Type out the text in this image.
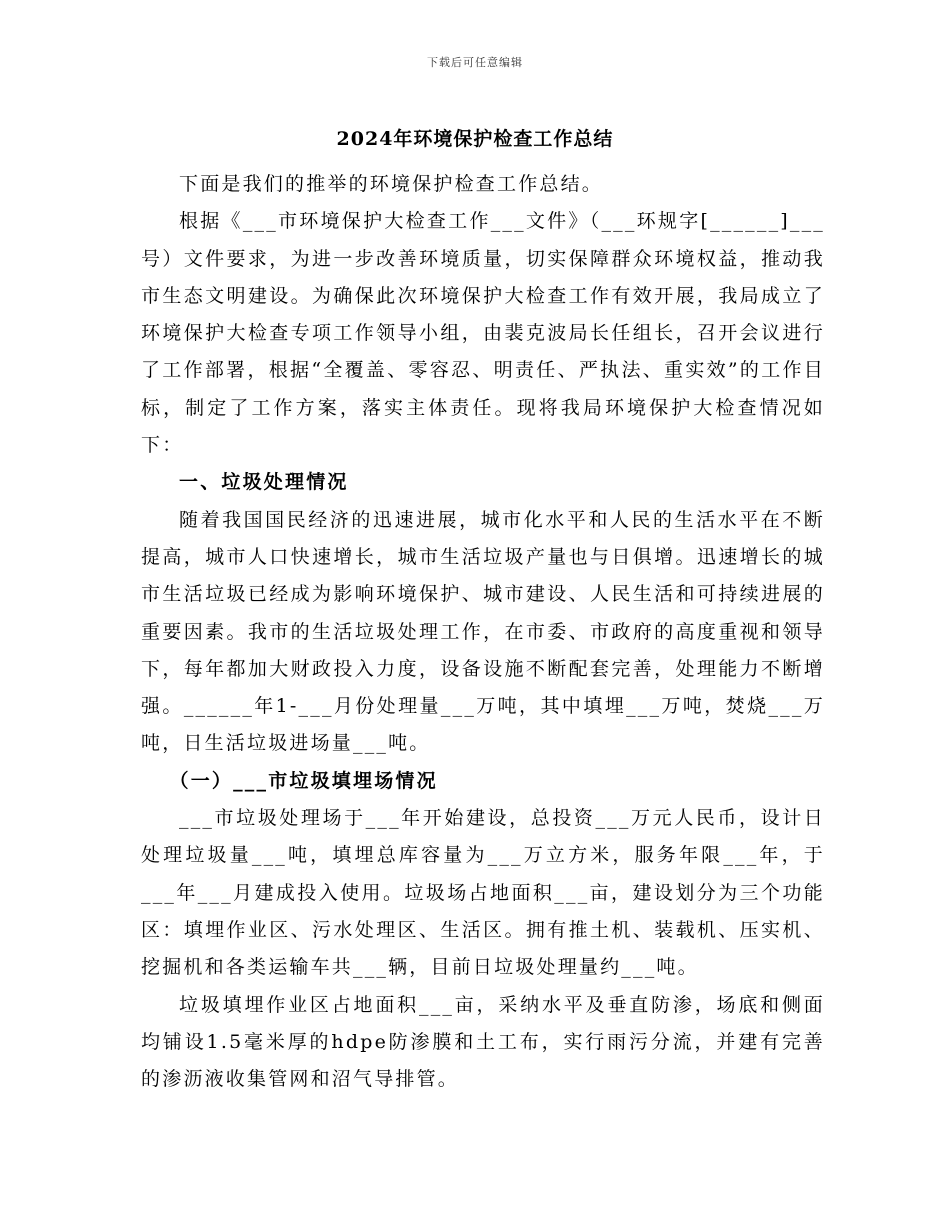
下载后可任意编辑
2024年环境保护检查工作总结

下面是我们的推举的环境保护检查工作总结。

根据《___市环境保护大检查工作___文件》（___环规字[______]___号）文件要求，为进一步改善环境质量，切实保障群众环境权益，推动我市生态文明建设。为确保此次环境保护大检查工作有效开展，我局成立了环境保护大检查专项工作领导小组，由裴克波局长任组长，召开会议进行了工作部署，根据“全覆盖、零容忍、明责任、严执法、重实效”的工作目标，制定了工作方案，落实主体责任。现将我局环境保护大检查情况如下：

一、垃圾处理情况

随着我国国民经济的迅速进展，城市化水平和人民的生活水平在不断提高，城市人口快速增长，城市生活垃圾产量也与日俱增。迅速增长的城市生活垃圾已经成为影响环境保护、城市建设、人民生活和可持续进展的重要因素。我市的生活垃圾处理工作，在市委、市政府的高度重视和领导下，每年都加大财政投入力度，设备设施不断配套完善，处理能力不断增强。______年1-___月份处理量___万吨，其中填埋___万吨，焚烧___万吨，日生活垃圾进场量___吨。

（一）___市垃圾填埋场情况

___市垃圾处理场于___年开始建设，总投资___万元人民币，设计日处理垃圾量___吨，填埋总库容量为___万立方米，服务年限___年，于___年___月建成投入使用。垃圾场占地面积___亩，建设划分为三个功能区：填埋作业区、污水处理区、生活区。拥有推土机、装载机、压实机、挖掘机和各类运输车共___辆，目前日垃圾处理量约___吨。

垃圾填埋作业区占地面积___亩，采纳水平及垂直防渗，场底和侧面均铺设1.5毫米厚的hdpe防渗膜和土工布，实行雨污分流，并建有完善的渗沥液收集管网和沼气导排管。
